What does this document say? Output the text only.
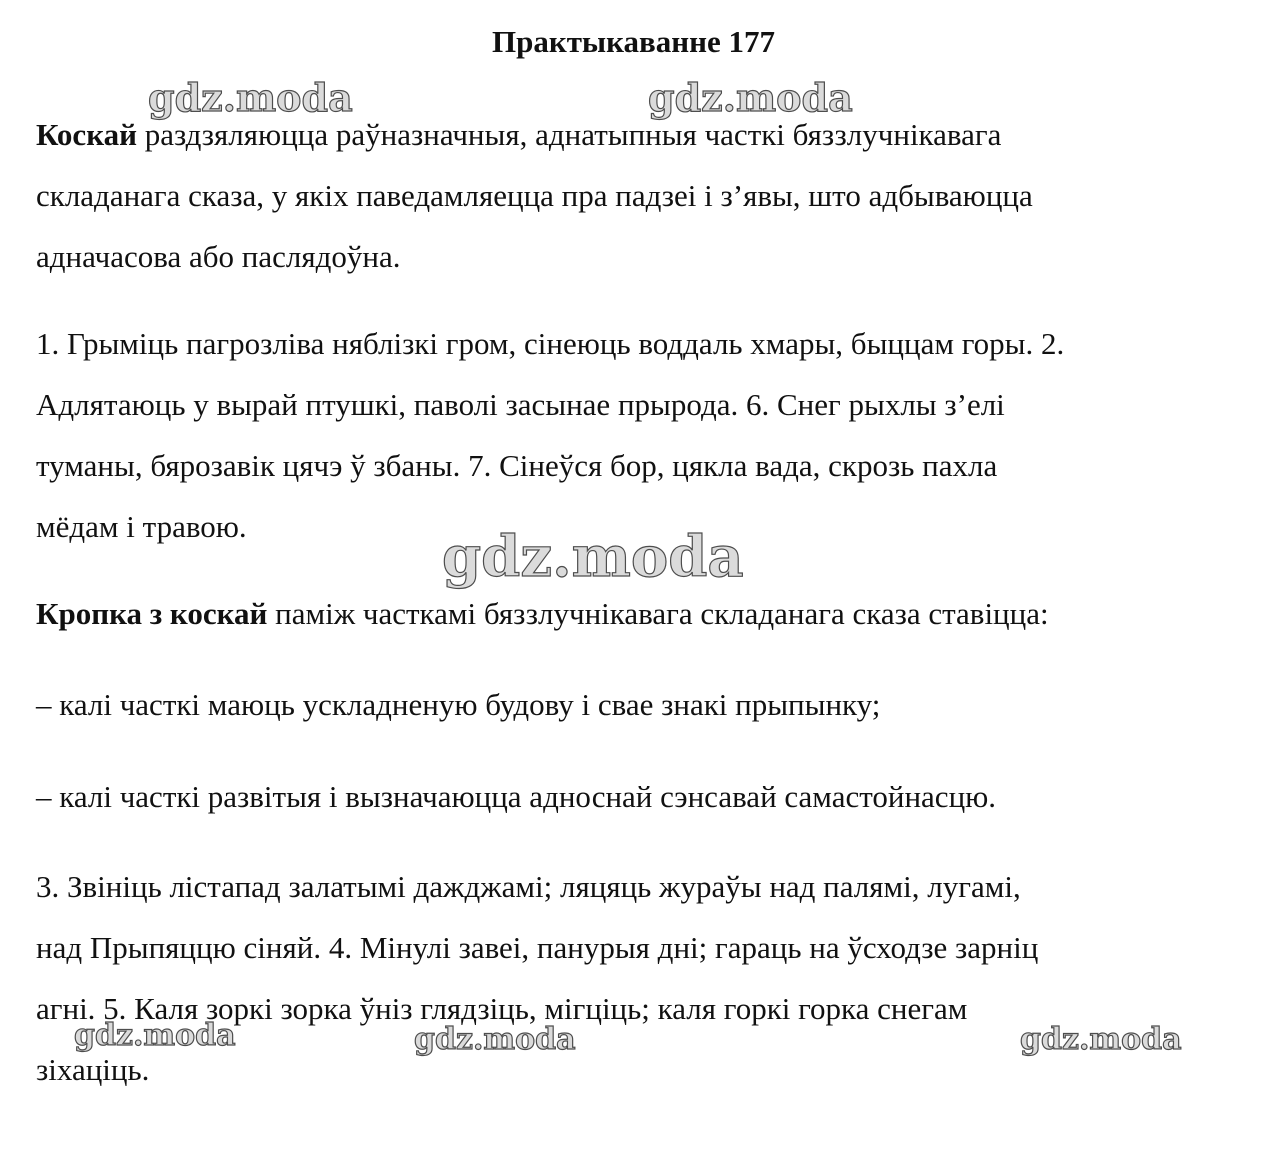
Практыкаванне 177
gdz.moda	gdz.moda
gdz.moda
gdz.moda	gdz.moda	gdz.moda
Коскай раздзяляюцца раўназначныя, аднатыпныя часткі бяззлучнікавага
складанага сказа, у якіх паведамляецца пра падзеі і з’явы, што адбываюцца
адначасова або паслядоўна.
1. Грыміць пагрозліва няблізкі гром, сінеюць воддаль хмары, быццам горы. 2.
Адлятаюць у вырай птушкі, паволі засынае прырода. 6. Снег рыхлы з’елі
туманы, бярозавік цячэ ў збаны. 7. Сінеўся бор, цякла вада, скрозь пахла
мёдам і травою.
Кропка з коскай паміж часткамі бяззлучнікавага складанага сказа ставіцца:
– калі часткі маюць ускладненую будову і свае знакі прыпынку;
– калі часткі развітыя і вызначаюцца адноснай сэнсавай самастойнасцю.
3. Звініць лістапад залатымі дажджамі; ляцяць жураўы над палямі, лугамі,
над Прыпяццю сіняй. 4. Мінулі завеі, панурыя дні; гараць на ўсходзе зарніц
агні. 5. Каля зоркі зорка ўніз глядзіць, мігціць; каля горкі горка снегам
зіхаціць.
